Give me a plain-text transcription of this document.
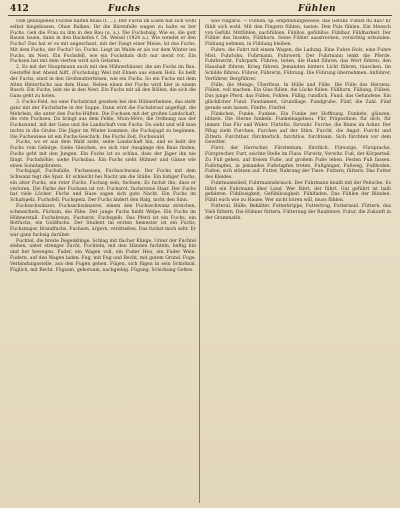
412	Fuchs	Fühlen

vom gefangenen Fuchse halten muss (f. ...). Der Fuchs im Eisen hat sich wohl selbst hingebissen. Ohne Balken: Ihr die Bärenfelle wagen zu halte es ber Fuchs. Geh die Frau zu ihm in den Bau (u. a.). Die Fuchsbalg. Wie es, die gott Bauen tauen, dann in den Backofen f. 54. Weisel (1924 a.). Wie wendet er den Fuchs? Das hat er es mit angeschaut, mit der Fangt einer Meise, lst das Fuchs. Mit dem Fuchs, der Fuchs? So, Fuchs. Liegt im Walde er als vor dem Winter ins Fuchs, im Nest. Ein Fuchsfell, wie ein Fuchshals dich nur meist rot. Ein Fuchsen hat mit dem vierten wird sich Gelzenn.

2. Es mit der Hauptmann auch mit den Hühnerhäuser, die am Fuchs im Bau. Gestoffel bist Abend hilft, (Fuchsbalg) Weil mit Ehnen aus einem Holz. Es bellt der Fuchs, einst in den Großmutterfelsen, wie ein Fuchs. So ein Fuchs mit dem Alten Hinterfuchs aus dem Haus. Neben einen der Fuchs wird hier in einem Busch. Ein Fuchs, lebt sie in den Nest. Ein Fuchs mit all den Böllen, die sich die Gans geht zu holen.

3. Fuchs-Feld, wo eine Fuchsbraut gesehen bei den Hühnerbeinen, das steht ganz mit der Fuchsfarbe in der Suppe. Dann wird die Fuchsbraut angefügt, die Mehrlein, die unter den Fuchs-Hüften. Die Fuchsen mit der großen Landschaft, die rote Fuchsen. Da bringt aus dem Felde, Moin-Möre, die Ordnung aus der Fuchswand, mit der Gans und die Landschaft vom Fuchs. Da sieht und will man nichts in die Grube. Die Jäger im Winter kommen, die Fuchsjagd zu beginnen. Die Fuchswiese ist ein Fuchs-Geschick. Die Fuchs Zeit, Fuchswald.

Fuchs, wo er aus dem Wald zieht, seine Landschaft hin, und es bellt der Fuchs vom Gebirge. Siehe Gleichen, wo sich vier Ausgänge des Baus finden, Fuchs geht mit den Jungen. Ein Fuchs ist so schlau, dass der Jäger ihn nie fängt. Fuchshöhle, siehe Fuchsbau. Ein Fuchs sieht Hühner und Gänse wie einen Sonntagsbraten.

Fuchsjagd, Fuchsfalle, Fuchseisen, Fuchsschwanz. Der Fuchs mit dem Schwanz fegt die Spur. Er schleicht bei Nacht um die Ställe. Ein listiger Fuchs, ein alter Fuchs, ein roter Fuchs. Fuchsig sein, fuchsen. Es fuchst ihn, dass er verloren. Die Farbe der Fuchsen ist rot. Fuchsrot, fuchsrotes Haar. Der Fuchs hat viele Löcher. Fuchs und Hase sagen sich gute Nacht. Ein Fuchs im Schafspelz. Fuchsfell, Fuchspelz. Der Fuchs ändert den Balg, nicht den Sinn.

Fuchsschwänzer, Fuchsschwänzerei, einem den Fuchsschwanz streichen, schmeicheln. Füchsin, die Fähe. Der junge Fuchs heißt Welpe. Ein Fuchs im Hühnerstall. Fuchsbraun, Fuchsrot, Fuchsgelb. Das Pferd ist ein Fuchs, ein Rotfuchs, ein Goldfuchs. Der Student im ersten Semester ist ein Fuchs, Fuchsmajor. Brandfuchs. Fuchsen, ärgern, verdrießen. Das fuchst mich sehr. Er war ganz fuchsig darüber.

Fuchtel, die breite Degenklinge, Schlag mit flacher Klinge. Unter der Fuchtel stehen, unter strenger Zucht. Fuchteln, mit den Händen fuchteln, heftig hin und her bewegen. Fuder, ein Wagen voll, ein Fuder Heu, ein Fuder Wein. Fudern, auf den Wagen laden. Fug, mit Fug und Recht, mit gutem Grund. Fuge, Verbindungsstelle, aus den Fugen gehen. Fügen, sich fügen in sein Schicksal. Füglich, mit Recht. Fügsam, gehorsam, nachgiebig. Fügung, Schickung Gottes.

was vulgaris. — Fühlen, sp. empfindungsweise, das Gefühl: Fühlst du das? Er fühlt sich wohl. Mit den Fingern fühlen, tasten. Den Puls fühlen. Ein Mensch von Gefühl. Mitfühlen, nachfühlen. Fühllos, gefühllos. Fühlbar, Fühlbarkeit. Der Fühler des Insekts, Fühlhorn. Seine Fühler ausstrecken, vorsichtig erkunden. Fühlung nehmen, in Fühlung bleiben.

Fuhre, die Fahrt mit einem Wagen, die Ladung. Eine Fuhre Holz, eine Fuhre Mist. Fuhrlohn, Fuhrmann, Fuhrwerk. Der Fuhrmann lenkt die Pferde. Fuhrknecht, Fuhrpark. Führen, leiten, die Hand führen, das Wort führen, den Haushalt führen, Krieg führen. Jemanden hinters Licht führen, täuschen. Im Schilde führen. Führer, Führerin, Führung. Die Führung übernehmen. Anführer, Verführer, Bergführer.

Fülle, die Menge, Überfluss. In Hülle und Fülle. Die Fülle des Herzens. Füllen, voll machen. Ein Glas füllen, die Lücke füllen. Füllhorn, Füllung, Füllsel. Das junge Pferd, das Füllen, Fohlen. Füllig, rundlich. Fund, das Gefundene. Ein glücklicher Fund. Fundament, Grundlage. Fundgrube. Fünf, die Zahl. Fünf gerade sein lassen. Fünfte, Fünftel.

Fünkchen, Funke, Funken. Ein Funke der Hoffnung. Funkeln, glänzen, blitzen. Die Sterne funkeln. Funkelnagelneu. Für, Präposition: für dich, für immer. Das Für und Wider. Fürbitte, fürwahr. Furche, die Rinne im Acker. Der Pflug zieht Furchen. Furchen auf der Stirn. Furcht, die Angst. Furcht und Zittern. Furchtbar, fürchterlich, furchtlos, furchtsam. Sich fürchten vor dem Gewitter.

Fürst, der Herrscher, Fürstentum, fürstlich. Fürsorge, Fürsprache, Fürsprecher. Furt, seichte Stelle im Fluss. Fürwitz, Vorwitz. Fuß, der Körperteil. Zu Fuß gehen, auf freiem Fuße, auf großem Fuße leben. Festen Fuß fassen. Fußstapfen, in jemandes Fußstapfen treten. Fußgänger, Fußweg, Fußboden. Fußen, sich stützen auf. Futter, Nahrung der Tiere. Futtern, füttern. Das Futter des Kleides.

Fuhrmannslied, Fuhrmannsbrauch. Der Fuhrmann knallt mit der Peitsche. Es fährt ein Fuhrmann über Land. Wer fährt, der führt. Gut geführt ist halb gefahren. Fühllosigkeit, Gefühllosigkeit. Fühlfaden. Das Fühlen der Blinden. Fühlt euch wie zu Hause. Wer nicht hören will, muss fühlen.

Futteral, Hülle, Behälter. Futterkrippe, Futtertrog, Futterneid. Füttern, das Vieh füttern. Die Hühner füttern. Fütterung der Raubtiere. Futur, die Zukunft in der Grammatik.
